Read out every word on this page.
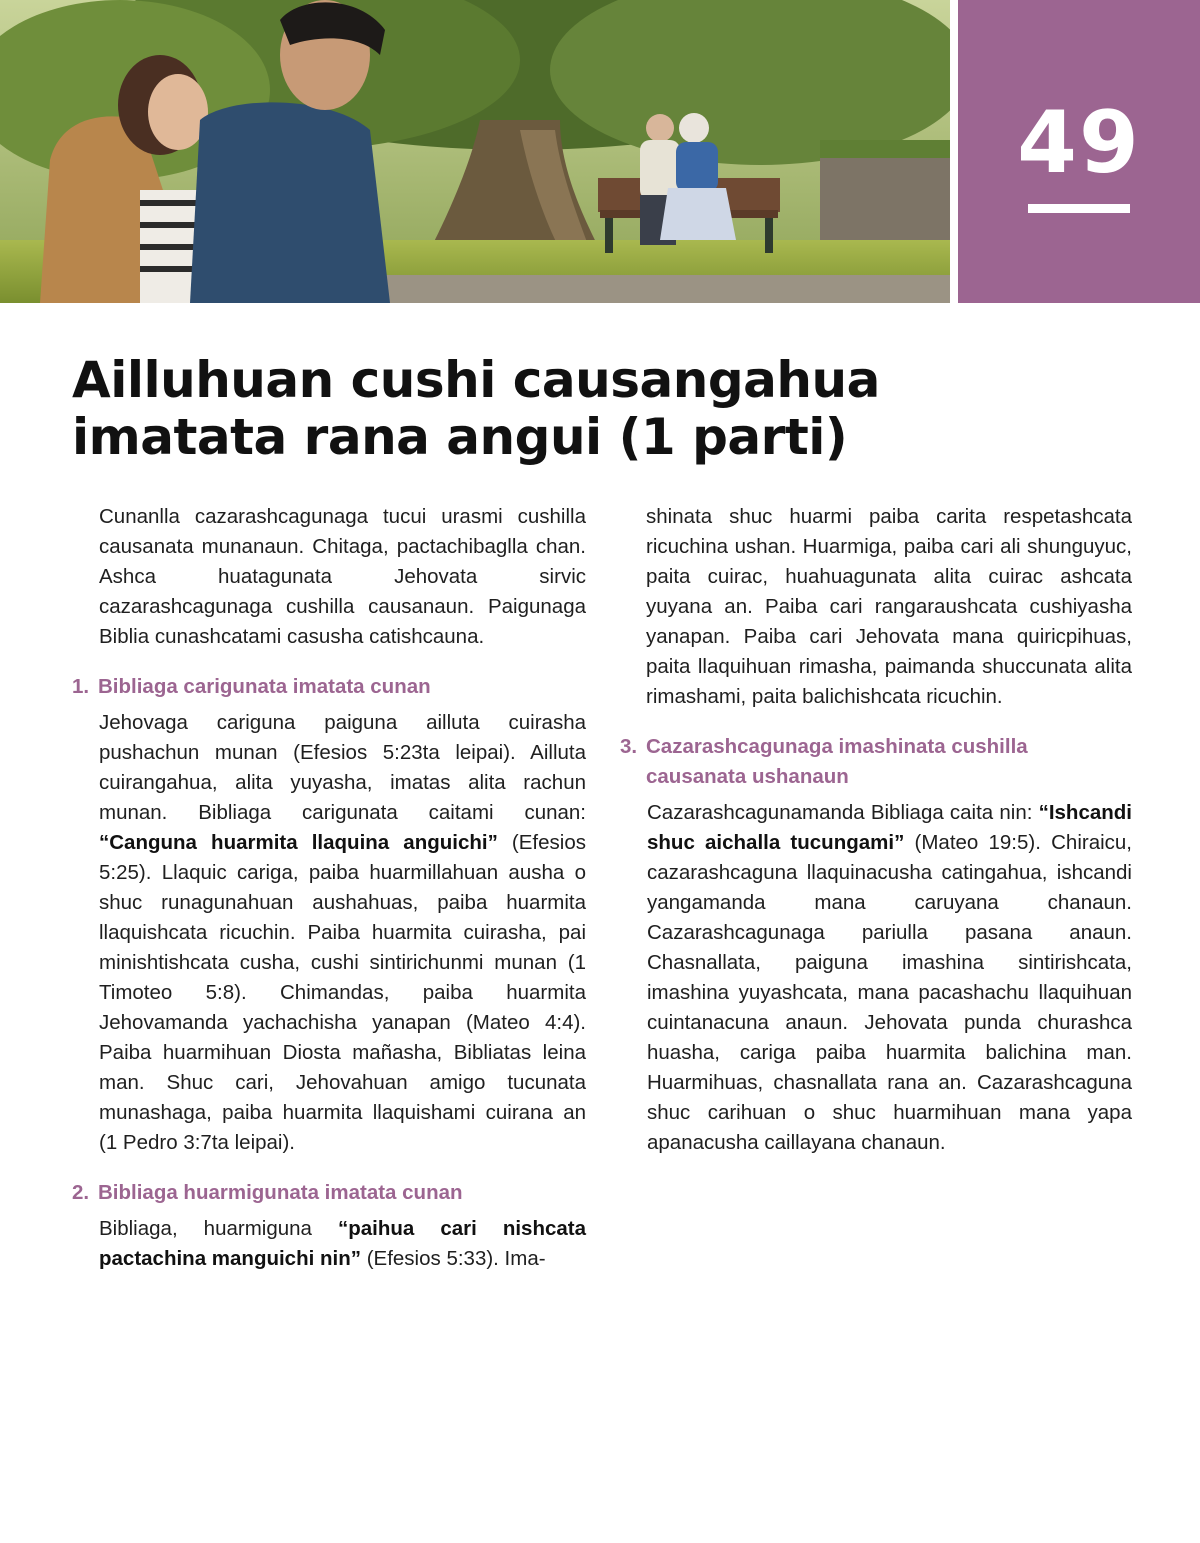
49
Ailluhuan cushi causangahua
imatata rana angui (1 parti)

Cunanlla cazarashcagunaga tucui urasmi cushilla causanata munanaun. Chitaga, pactachibaglla chan. Ashca huatagunata Jehovata sirvic cazarashcagunaga cushilla causanaun. Paigunaga Biblia cunashcatami casusha catishcauna.

1. Bibliaga carigunata imatata cunan

Jehovaga cariguna paiguna ailluta cuirasha pushachun munan (Efesios 5:23ta leipai). Ailluta cuirangahua, alita yuyasha, imatas alita rachun munan. Bibliaga carigunata caitami cunan: “Canguna huarmita llaquina anguichi” (Efesios 5:25). Llaquic cariga, paiba huarmillahuan ausha o shuc runagunahuan aushahuas, paiba huarmita llaquishcata ricuchin. Paiba huarmita cuirasha, pai minishtishcata cusha, cushi sintirichunmi munan (1 Timoteo 5:8). Chimandas, paiba huarmita Jehovamanda yachachisha yanapan (Mateo 4:4). Paiba huarmihuan Diosta mañasha, Bibliatas leina man. Shuc cari, Jehovahuan amigo tucunata munashaga, paiba huarmita llaquishami cuirana an (1 Pedro 3:7ta leipai).

2. Bibliaga huarmigunata imatata cunan

Bibliaga, huarmiguna “paihua cari nishcata pactachina manguichi nin” (Efesios 5:33). Ima-

shinata shuc huarmi paiba carita respetashcata ricuchina ushan. Huarmiga, paiba cari ali shunguyuc, paita cuirac, huahuagunata alita cuirac ashcata yuyana an. Paiba cari rangaraushcata cushiyasha yanapan. Paiba cari Jehovata mana quiricpihuas, paita llaquihuan rimasha, paimanda shuccunata alita rimashami, paita balichishcata ricuchin.

3. Cazarashcagunaga imashinata cushilla causanata ushanaun

Cazarashcagunamanda Bibliaga caita nin: “Ishcandi shuc aichalla tucungami” (Mateo 19:5). Chiraicu, cazarashcaguna llaquinacusha catingahua, ishcandi yangamanda mana caruyana chanaun. Cazarashcagunaga pariulla pasana anaun. Chasnallata, paiguna imashina sintirishcata, imashina yuyashcata, mana pacashachu llaquihuan cuintanacuna anaun. Jehovata punda churashca huasha, cariga paiba huarmita balichina man. Huarmihuas, chasnallata rana an. Cazarashcaguna shuc carihuan o shuc huarmihuan mana yapa apanacusha caillayana chanaun.
